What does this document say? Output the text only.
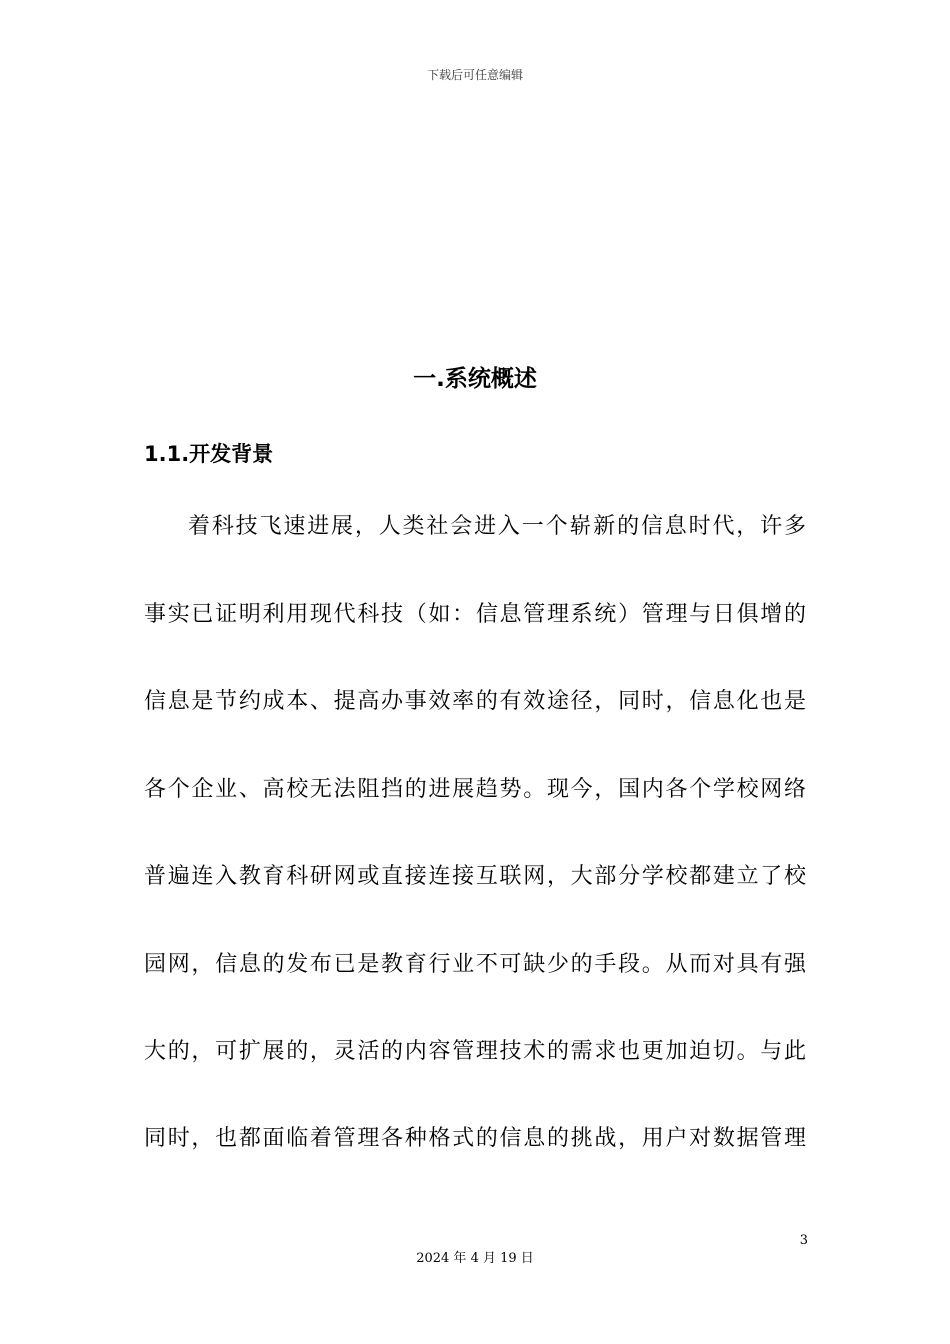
下载后可任意编辑
一.系统概述
1.1.开发背景
着科技飞速进展，人类社会进入一个崭新的信息时代，许多
事实已证明利用现代科技（如：信息管理系统）管理与日俱增的
信息是节约成本、提高办事效率的有效途径，同时，信息化也是
各个企业、高校无法阻挡的进展趋势。现今，国内各个学校网络
普遍连入教育科研网或直接连接互联网，大部分学校都建立了校
园网，信息的发布已是教育行业不可缺少的手段。从而对具有强
大的，可扩展的，灵活的内容管理技术的需求也更加迫切。与此
同时，也都面临着管理各种格式的信息的挑战，用户对数据管理
3
2024 年 4 月 19 日
